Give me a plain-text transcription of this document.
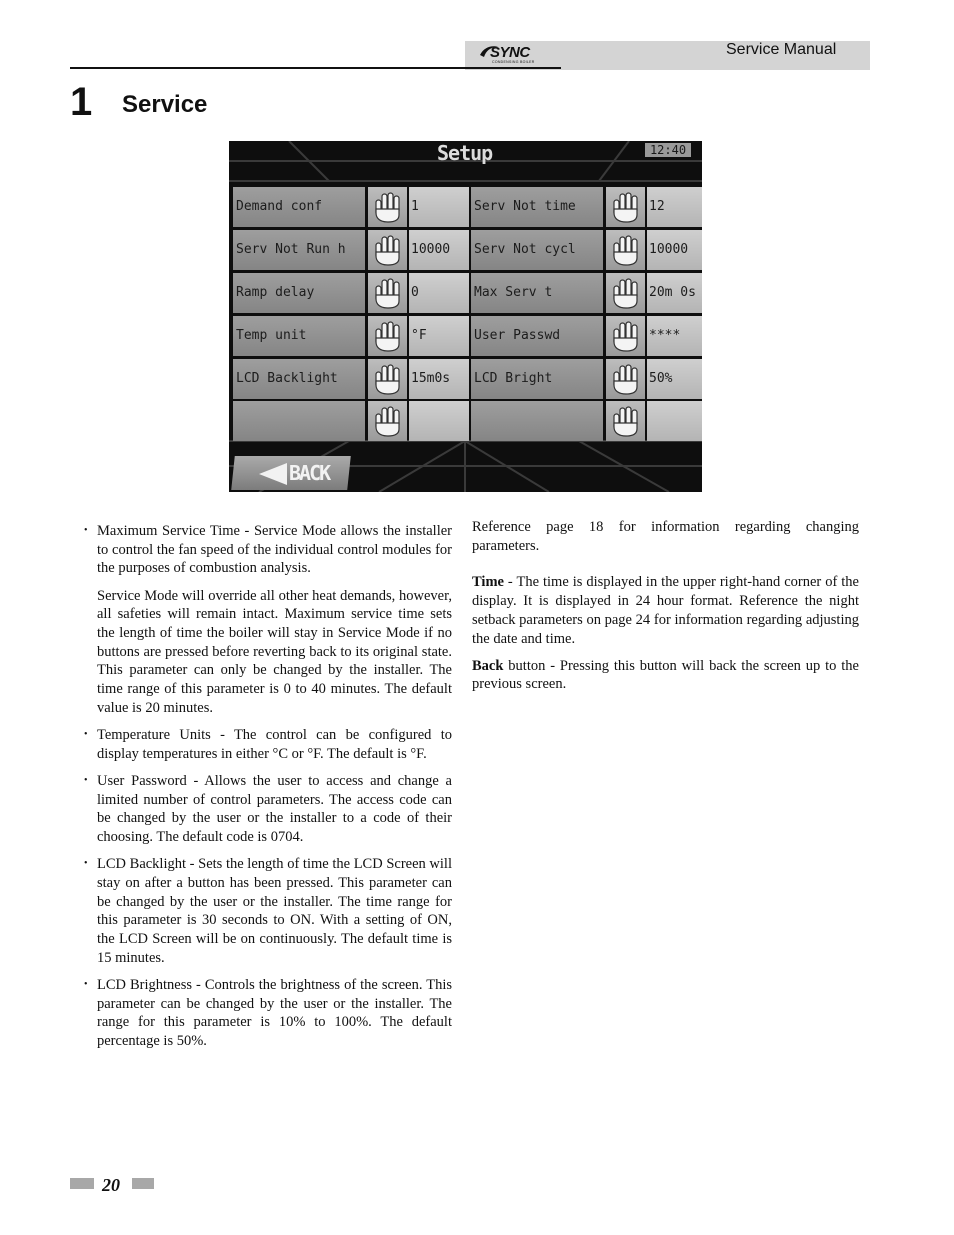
SYNC
CONDENSING BOILER
Service Manual
1 Service
Setup	12:40
Demand conf	1	Serv Not time	12
Serv Not Run h	10000	Serv Not cycl	10000
Ramp delay	0	Max Serv t	20m 0s
Temp unit	°F	User Passwd	****
LCD Backlight	15m0s	LCD Bright	50%
BACK

• Maximum Service Time - Service Mode allows the installer to control the fan speed of the individual control modules for the purposes of combustion analysis.

Service Mode will override all other heat demands, however, all safeties will remain intact. Maximum service time sets the length of time the boiler will stay in Service Mode if no buttons are pressed before reverting back to its original state. This parameter can only be changed by the installer. The time range of this parameter is 0 to 40 minutes. The default value is 20 minutes.

• Temperature Units - The control can be configured to display temperatures in either °C or °F. The default is °F.

• User Password - Allows the user to access and change a limited number of control parameters. The access code can be changed by the user or the installer to a code of their choosing. The default code is 0704.

• LCD Backlight - Sets the length of time the LCD Screen will stay on after a button has been pressed. This parameter can be changed by the user or the installer. The time range for this parameter is 30 seconds to ON. With a setting of ON, the LCD Screen will be on continuously. The default time is 15 minutes.

• LCD Brightness - Controls the brightness of the screen. This parameter can be changed by the user or the installer. The range for this parameter is 10% to 100%. The default percentage is 50%.

Reference page 18 for information regarding changing parameters.

Time - The time is displayed in the upper right-hand corner of the display. It is displayed in 24 hour format. Reference the night setback parameters on page 24 for information regarding adjusting the date and time.

Back button - Pressing this button will back the screen up to the previous screen.

20
